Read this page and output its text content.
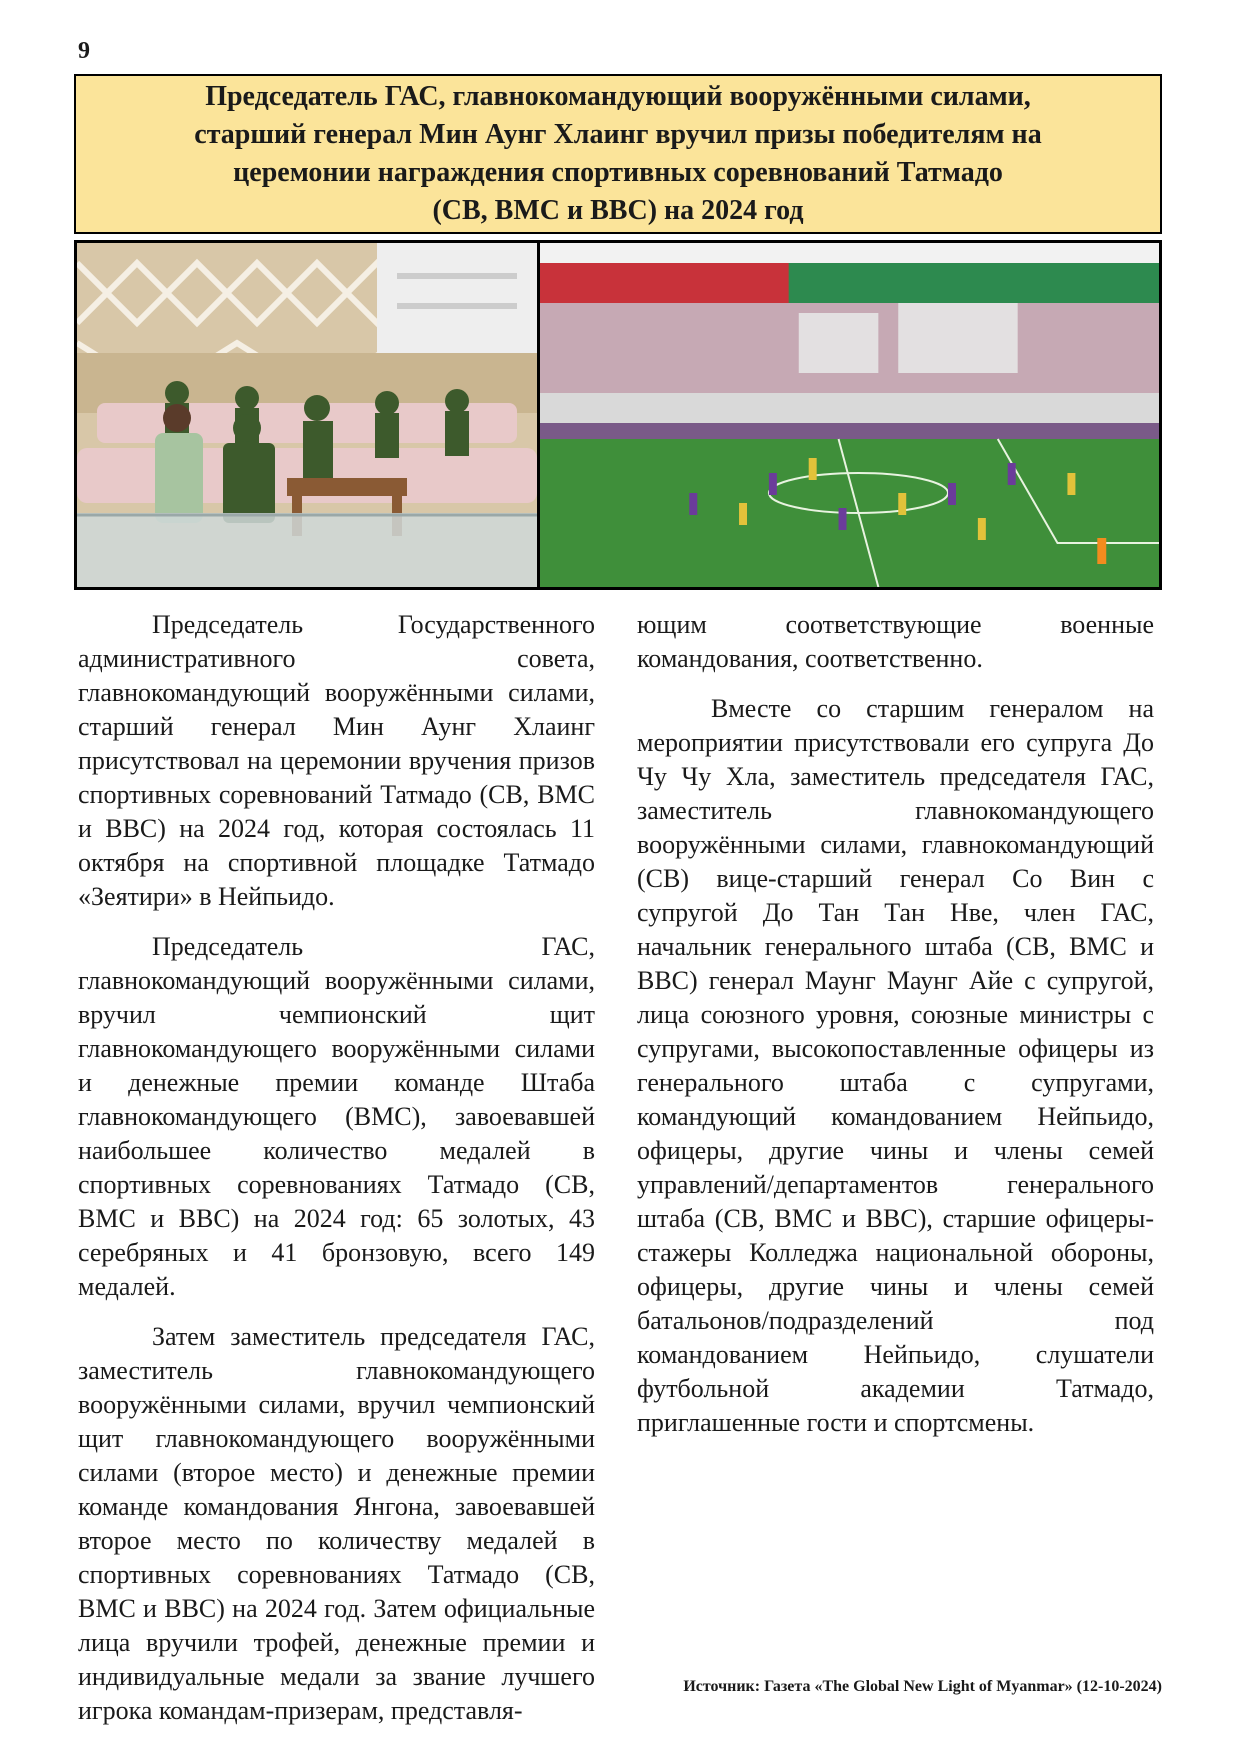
9
Председатель ГАС, главнокомандующий вооружёнными силами,
старший генерал Мин Аунг Хлаинг вручил призы победителям на
церемонии награждения спортивных соревнований Татмадо
(СВ, ВМС и ВВС) на 2024 год

Председатель Государственного административного совета, главнокомандующий вооружёнными силами, старший генерал Мин Аунг Хлаинг присутствовал на церемонии вручения призов спортивных соревнований Татмадо (СВ, ВМС и ВВС) на 2024 год, которая состоялась 11 октября на спортивной площадке Татмадо «Зеятири» в Нейпьидо.

Председатель ГАС, главнокомандующий вооружёнными силами, вручил чемпионский щит главнокомандующего вооружёнными силами и денежные премии команде Штаба главнокомандующего (ВМС), завоевавшей наибольшее количество медалей в спортивных соревнованиях Татмадо (СВ, ВМС и ВВС) на 2024 год: 65 золотых, 43 серебряных и 41 бронзовую, всего 149 медалей.

Затем заместитель председателя ГАС, заместитель главнокомандующего вооружёнными силами, вручил чемпионский щит главнокомандующего вооружёнными силами (второе место) и денежные премии команде командования Янгона, завоевавшей второе место по количеству медалей в спортивных соревнованиях Татмадо (СВ, ВМС и ВВС) на 2024 год. Затем официальные лица вручили трофей, денежные премии и индивидуальные медали за звание лучшего игрока командам-призерам, представля-

ющим соответствующие военные командования, соответственно.

Вместе со старшим генералом на мероприятии присутствовали его супруга До Чу Чу Хла, заместитель председателя ГАС, заместитель главнокомандующего вооружёнными силами, главнокомандующий (СВ) вице-старший генерал Со Вин с супругой До Тан Тан Нве, член ГАС, начальник генерального штаба (СВ, ВМС и ВВС) генерал Маунг Маунг Айе с супругой, лица союзного уровня, союзные министры с супругами, высокопоставленные офицеры из генерального штаба с супругами, командующий командованием Нейпьидо, офицеры, другие чины и члены семей управлений/департаментов генерального штаба (СВ, ВМС и ВВС), старшие офицеры-стажеры Колледжа национальной обороны, офицеры, другие чины и члены семей батальонов/подразделений под командованием Нейпьидо, слушатели футбольной академии Татмадо, приглашенные гости и спортсмены.

Источник: Газета «The Global New Light of Myanmar» (12-10-2024)
